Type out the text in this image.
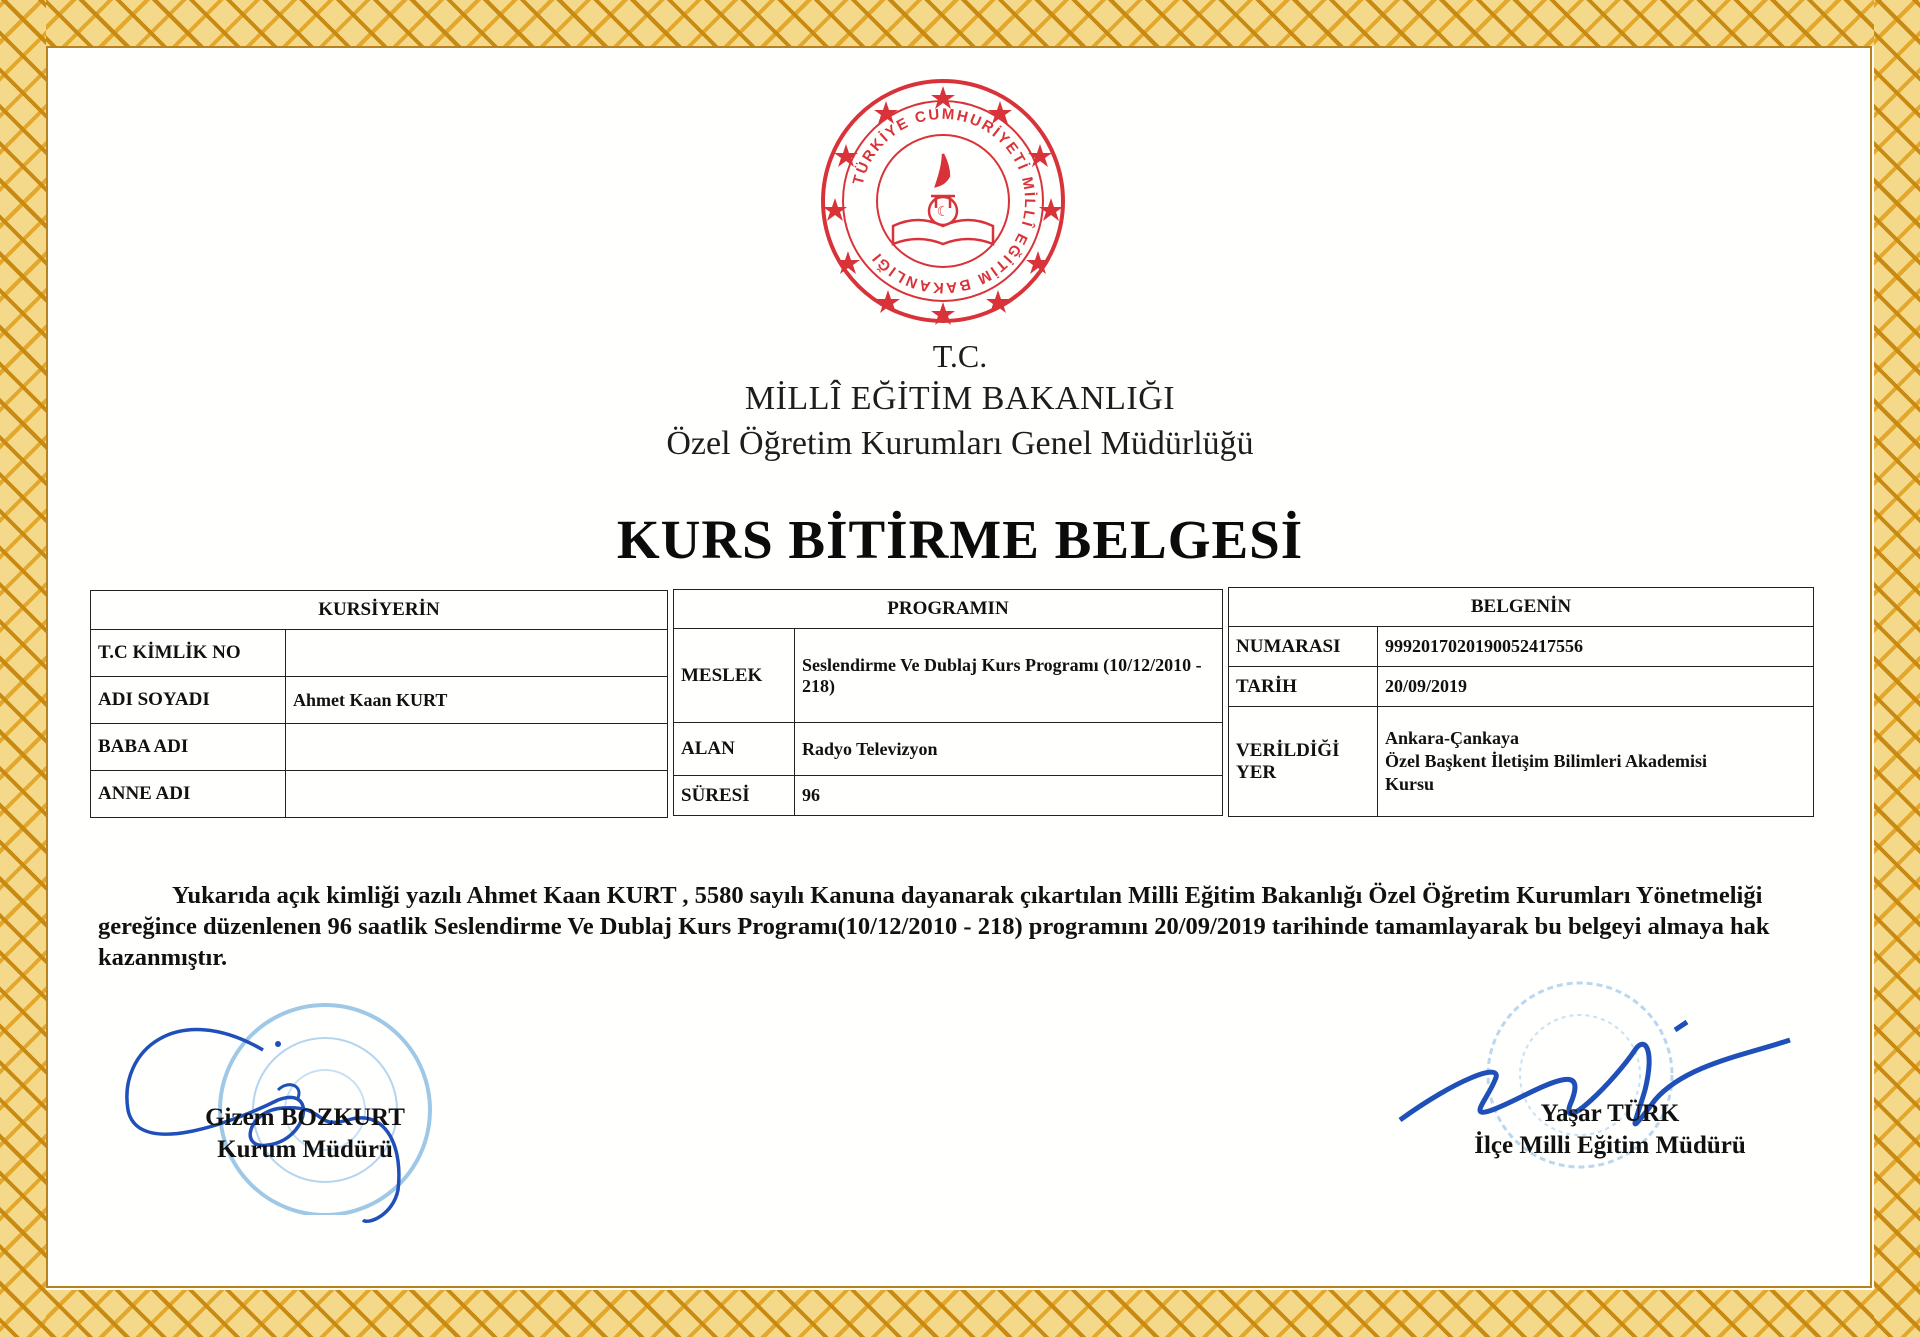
TÜRKİYE CUMHURİYETİ MİLLÎ EĞİTİM BAKANLIĞI
☾
T.C.
MİLLÎ EĞİTİM BAKANLIĞI
Özel Öğretim Kurumları Genel Müdürlüğü
KURS BİTİRME BELGESİ
KURSİYERİN	
T.C KİMLİK NO	
ADI SOYADI	Ahmet Kaan KURT
BABA ADI	
ANNE ADI	
PROGRAMIN	
MESLEK	Seslendirme Ve Dublaj Kurs Programı (10/12/2010 - 218)
ALAN	Radyo Televizyon
SÜRESİ	96
BELGENİN	
NUMARASI	99920170201900524175​56
TARİH	20/09/2019
VERİLDİĞİ YER	Ankara-Çankaya
Özel Başkent İletişim Bilimleri Akademisi
Kursu
Yukarıda açık kimliği yazılı Ahmet Kaan KURT , 5580 sayılı Kanuna dayanarak çıkartılan Milli Eğitim Bakanlığı Özel Öğretim Kurumları Yönetmeliği gereğince düzenlenen 96 saatlik Seslendirme Ve Dublaj Kurs Programı(10/12/2010 - 218) programını 20/09/2019 tarihinde tamamlayarak bu belgeyi almaya hak kazanmıştır.
Gizem BOZKURT
Kurum Müdürü
Yaşar TÜRK
İlçe Milli Eğitim Müdürü
